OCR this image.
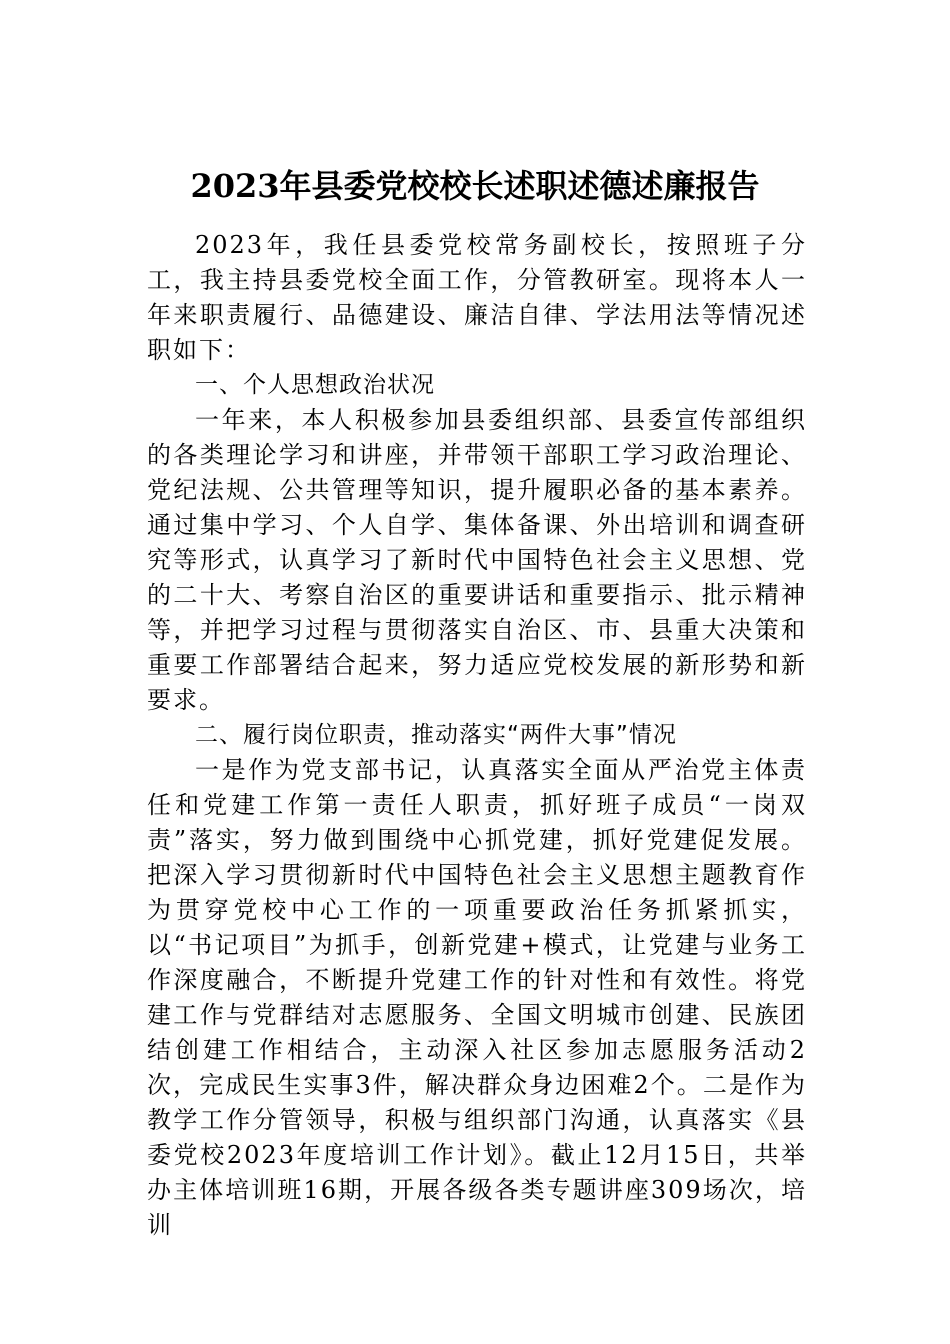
2023年县委党校校长述职述德述廉报告

2023年，我任县委党校常务副校长，按照班子分工，我主持县委党校全面工作，分管教研室。现将本人一年来职责履行、品德建设、廉洁自律、学法用法等情况述职如下：

一、个人思想政治状况

一年来，本人积极参加县委组织部、县委宣传部组织的各类理论学习和讲座，并带领干部职工学习政治理论、党纪法规、公共管理等知识，提升履职必备的基本素养。通过集中学习、个人自学、集体备课、外出培训和调查研究等形式，认真学习了新时代中国特色社会主义思想、党的二十大、考察自治区的重要讲话和重要指示、批示精神等，并把学习过程与贯彻落实自治区、市、县重大决策和重要工作部署结合起来，努力适应党校发展的新形势和新要求。

二、履行岗位职责，推动落实“两件大事”情况

一是作为党支部书记，认真落实全面从严治党主体责任和党建工作第一责任人职责，抓好班子成员“一岗双责”落实，努力做到围绕中心抓党建，抓好党建促发展。把深入学习贯彻新时代中国特色社会主义思想主题教育作为贯穿党校中心工作的一项重要政治任务抓紧抓实，以“书记项目”为抓手，创新党建+模式，让党建与业务工作深度融合，不断提升党建工作的针对性和有效性。将党建工作与党群结对志愿服务、全国文明城市创建、民族团结创建工作相结合，主动深入社区参加志愿服务活动2次，完成民生实事3件，解决群众身边困难2个。二是作为教学工作分管领导，积极与组织部门沟通，认真落实《县委党校2023年度培训工作计划》。截止12月15日，共举办主体培训班16期，开展各级各类专题讲座309场次，培训
